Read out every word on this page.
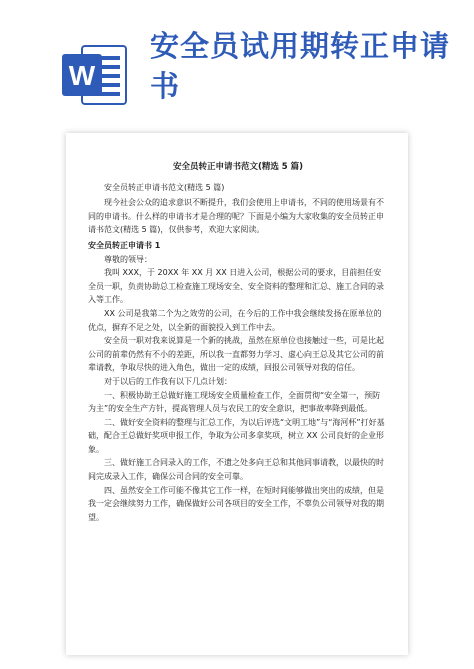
W
安全员试用期转正申请书
安全员转正申请书范文(精选 5 篇)

安全员转正申请书范文(精选 5 篇)

现今社会公众的追求意识不断提升，我们会使用上申请书，不同的使用场景有不同的申请书。什么样的申请书才是合理的呢？下面是小编为大家收集的安全员转正申请书范文(精选 5 篇)，仅供参考，欢迎大家阅读。

安全员转正申请书 1

尊敬的领导：

我叫 XXX，于 20XX 年 XX 月 XX 日进入公司，根据公司的要求，目前担任安全员一职，负责协助总工检查施工现场安全、安全资料的整理和汇总、施工合同的录入等工作。

XX 公司是我第二个为之效劳的公司，在今后的工作中我会继续发扬在原单位的优点，摒弃不足之处，以全新的面貌投入到工作中去。

安全员一职对我来说算是一个新的挑战，虽然在原单位也接触过一些，可是比起公司的前辈仍然有不小的差距，所以我一直都努力学习、虚心向王总及其它公司的前辈请教，争取尽快的进入角色，做出一定的成绩，回报公司领导对我的信任。

对于以后的工作我有以下几点计划：

一、积极协助王总做好施工现场安全质量检查工作，全面贯彻“安全第一，预防为主”的安全生产方针，提高管理人员与农民工的安全意识，把事故率降到最低。

二、做好安全资料的整理与汇总工作，为以后评选“文明工地”与“海河杯”打好基础，配合王总做好奖项申报工作，争取为公司多拿奖项，树立 XX 公司良好的企业形象。

三、做好施工合同录入的工作，不遗之处多向王总和其他同事请教，以最快的时间完成录入工作，确保公司合同的安全可靠。

四、虽然安全工作可能不像其它工作一样，在短时间能够做出突出的成绩，但是我一定会继续努力工作，确保做好公司各项目的安全工作，不辜负公司领导对我的期望。
